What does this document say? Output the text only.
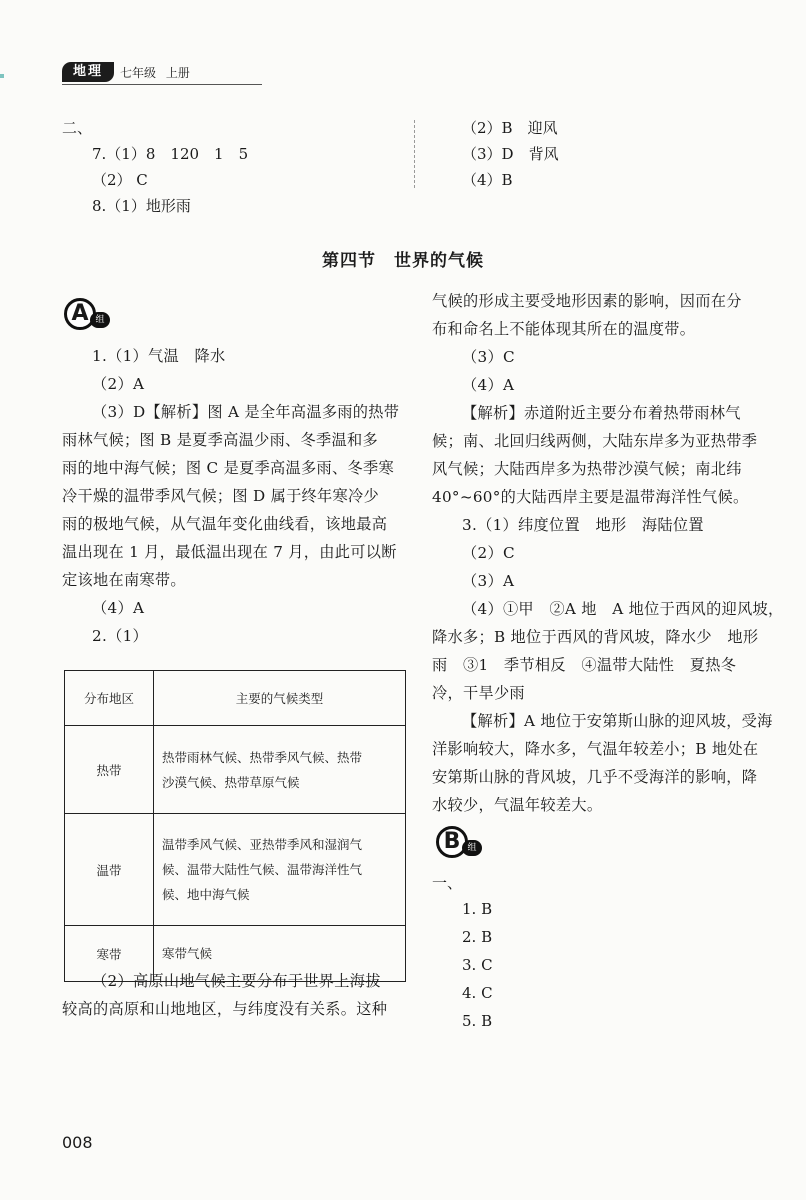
地理	七年级 上册
二、
7.（1）8　120　1　5
（2） C
8.（1）地形雨
（2）B　迎风
（3）D　背风
（4）B
第四节　世界的气候
A 组
1.（1）气温　降水
（2）A
（3）D【解析】图 A 是全年高温多雨的热带
雨林气候；图 B 是夏季高温少雨、冬季温和多
雨的地中海气候；图 C 是夏季高温多雨、冬季寒
冷干燥的温带季风气候；图 D 属于终年寒冷少
雨的极地气候，从气温年变化曲线看，该地最高
温出现在 1 月，最低温出现在 7 月，由此可以断
定该地在南寒带。
（4）A
2.（1）
分布地区	主要的气候类型
热带	热带雨林气候、热带季风气候、热带
沙漠气候、热带草原气候

温带	温带季风气候、亚热带季风和湿润气
候、温带大陆性气候、温带海洋性气
候、地中海气候

寒带	寒带气候
（2）高原山地气候主要分布于世界上海拔
较高的高原和山地地区，与纬度没有关系。这种
气候的形成主要受地形因素的影响，因而在分
布和命名上不能体现其所在的温度带。
（3）C
（4）A
【解析】赤道附近主要分布着热带雨林气
候；南、北回归线两侧，大陆东岸多为亚热带季
风气候；大陆西岸多为热带沙漠气候；南北纬
40°~60°的大陆西岸主要是温带海洋性气候。
3.（1）纬度位置　地形　海陆位置
（2）C
（3）A
（4）①甲　②A 地　A 地位于西风的迎风坡，
降水多；B 地位于西风的背风坡，降水少　地形
雨　③1　季节相反　④温带大陆性　夏热冬
冷，干旱少雨
【解析】A 地位于安第斯山脉的迎风坡，受海
洋影响较大，降水多，气温年较差小；B 地处在
安第斯山脉的背风坡，几乎不受海洋的影响，降
水较少，气温年较差大。
B 组
一、
1. B
2. B
3. C
4. C
5. B
008
